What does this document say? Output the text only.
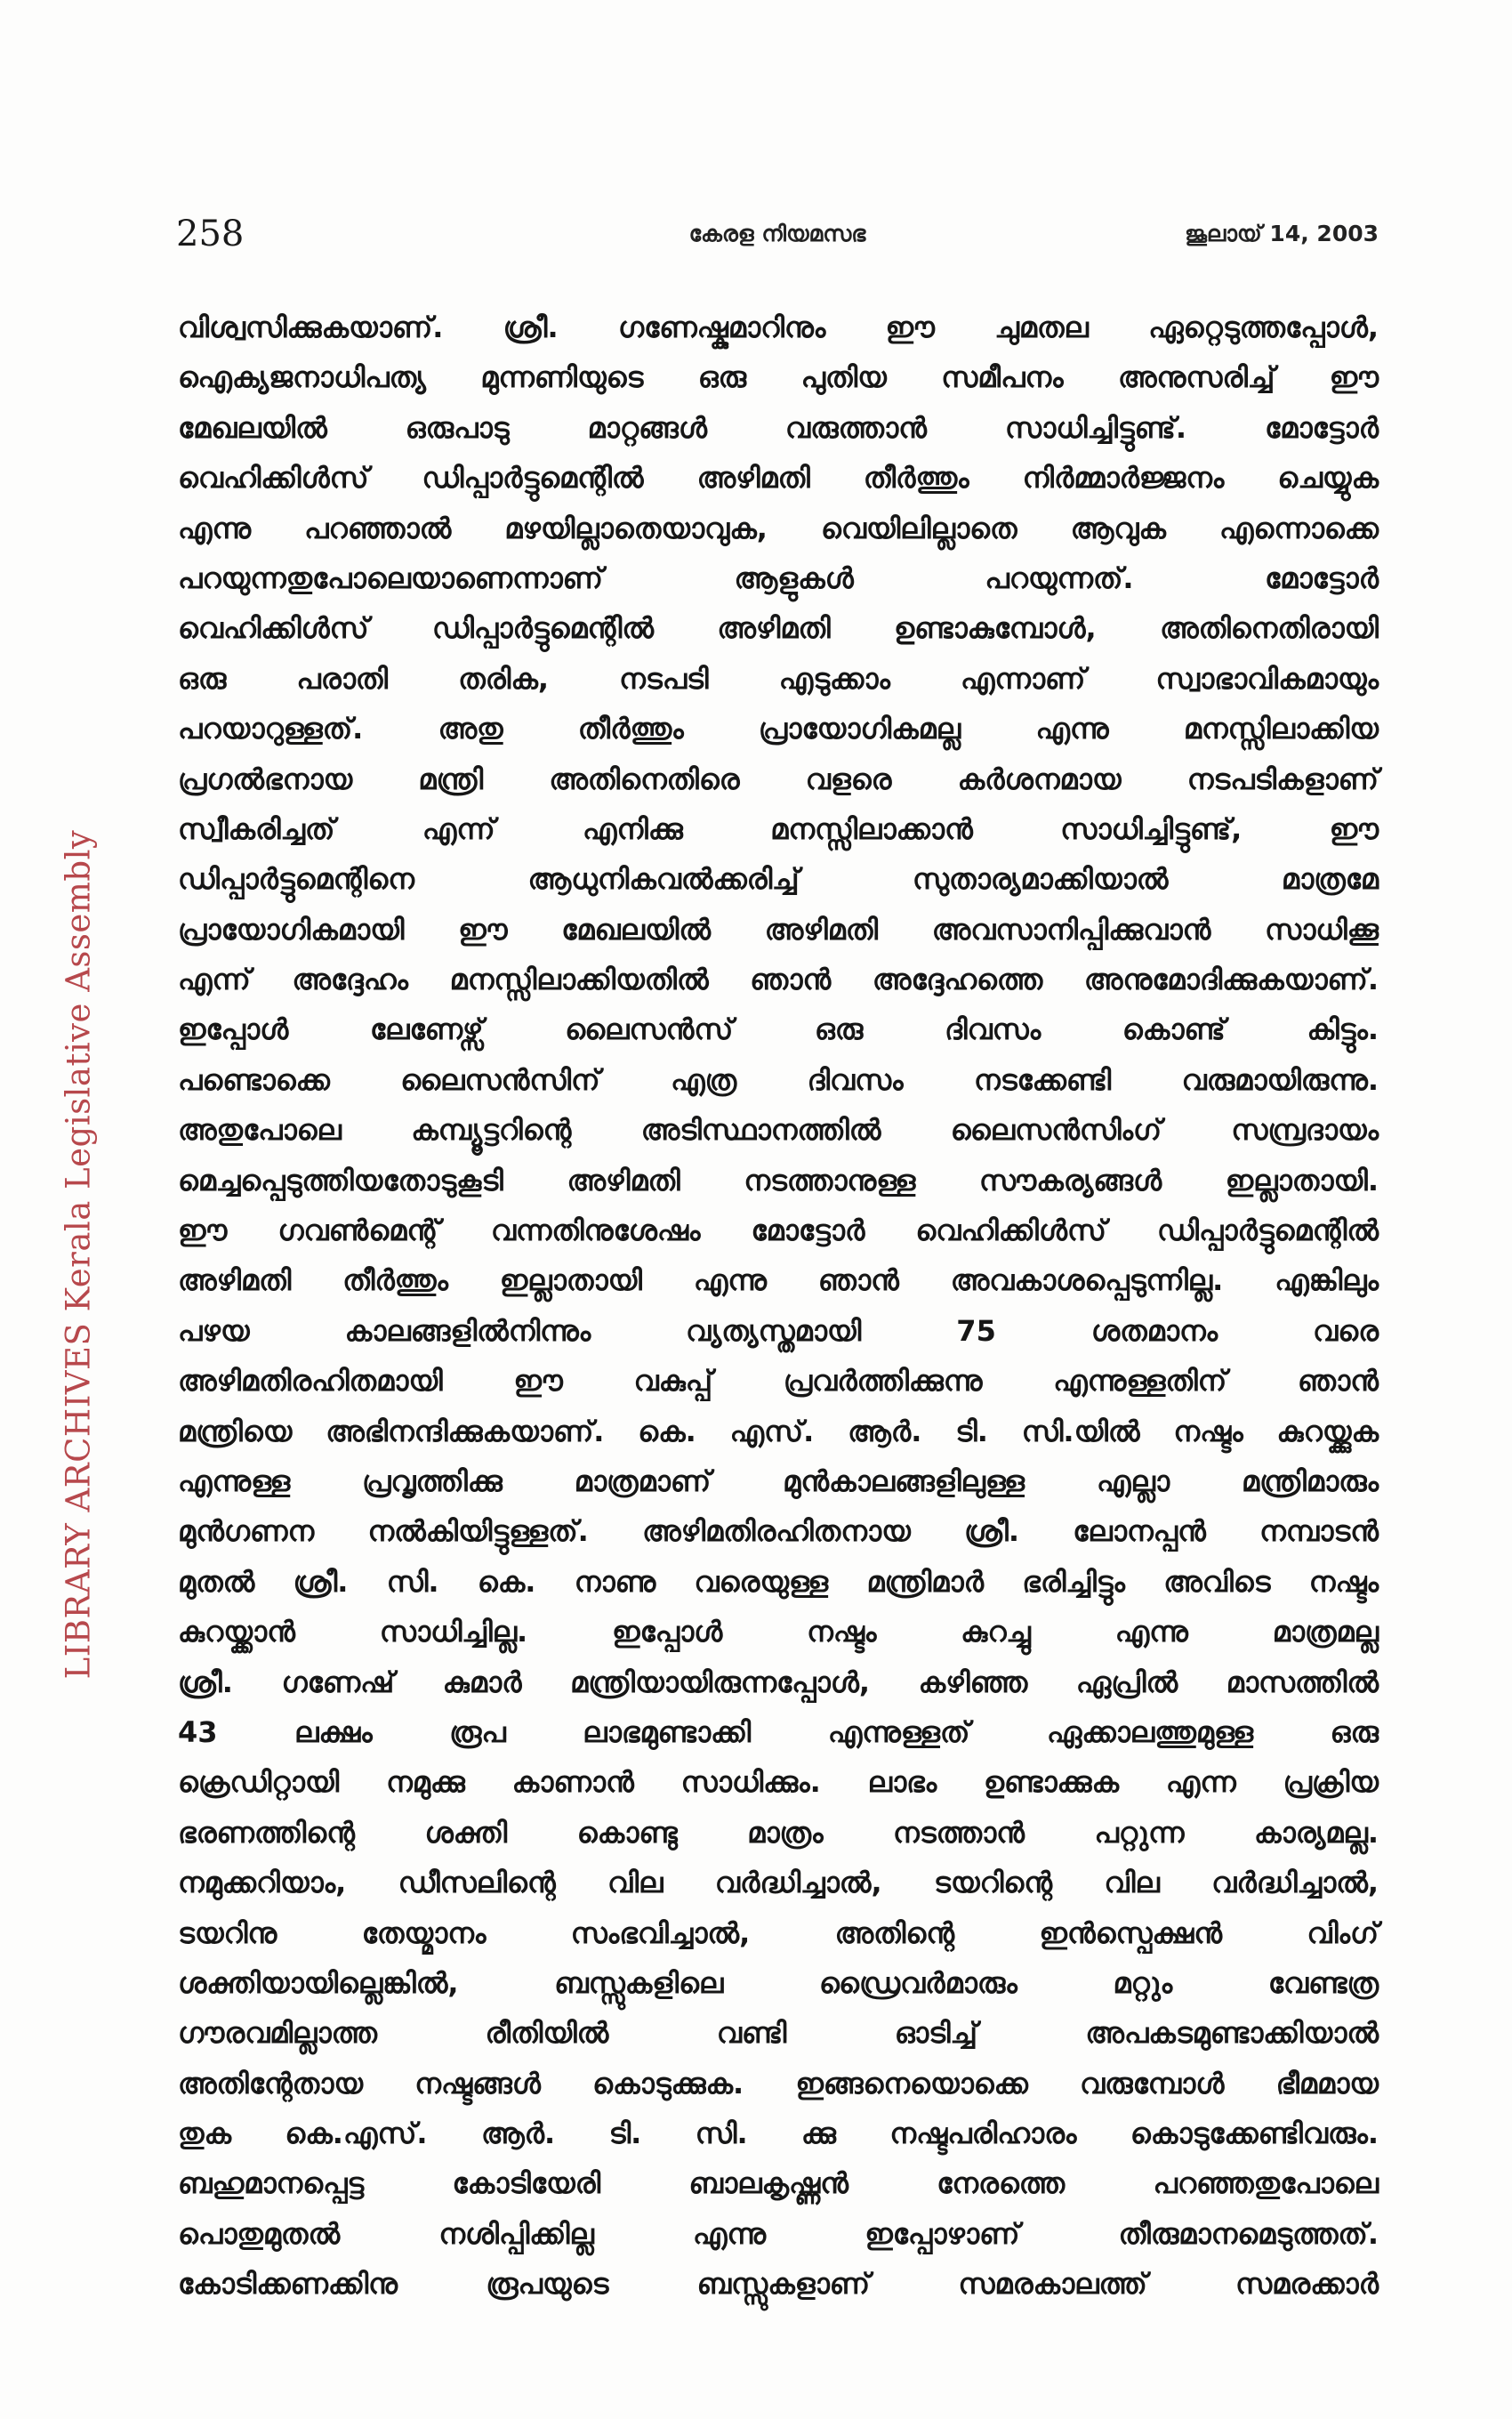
LIBRARY ARCHIVES Kerala Legislative Assembly
258	കേരള നിയമസഭ	ജൂലായ് 14, 2003
വിശ്വസിക്കുകയാണ്. ശ്രീ. ഗണേഷ്കുമാറിനും ഈ ചുമതല ഏറ്റെടുത്തപ്പോൾ,
ഐക്യജനാധിപത്യ മുന്നണിയുടെ ഒരു പുതിയ സമീപനം അനുസരിച്ച് ഈ
മേഖലയിൽ ഒരുപാടു മാറ്റങ്ങൾ വരുത്താൻ സാധിച്ചിട്ടുണ്ട്. മോട്ടോർ
വെഹിക്കിൾസ് ഡിപ്പാർട്ടുമെന്റിൽ അഴിമതി തീർത്തും നിർമ്മാർജ്ജനം ചെയ്യുക
എന്നു പറഞ്ഞാൽ മഴയില്ലാതെയാവുക, വെയിലില്ലാതെ ആവുക എന്നൊക്കെ
പറയുന്നതുപോലെയാണെന്നാണ് ആളുകൾ പറയുന്നത്. മോട്ടോർ
വെഹിക്കിൾസ് ഡിപ്പാർട്ടുമെന്റിൽ അഴിമതി ഉണ്ടാകുമ്പോൾ, അതിനെതിരായി
ഒരു പരാതി തരിക, നടപടി എടുക്കാം എന്നാണ് സ്വാഭാവികമായും
പറയാറുള്ളത്. അതു തീർത്തും പ്രായോഗികമല്ല എന്നു മനസ്സിലാക്കിയ
പ്രഗൽഭനായ മന്ത്രി അതിനെതിരെ വളരെ കർശനമായ നടപടികളാണ്
സ്വീകരിച്ചത് എന്ന് എനിക്കു മനസ്സിലാക്കാൻ സാധിച്ചിട്ടുണ്ട്, ഈ
ഡിപ്പാർട്ടുമെന്റിനെ ആധുനികവൽക്കരിച്ച് സുതാര്യമാക്കിയാൽ മാത്രമേ
പ്രായോഗികമായി ഈ മേഖലയിൽ അഴിമതി അവസാനിപ്പിക്കുവാൻ സാധിക്കൂ
എന്ന് അദ്ദേഹം മനസ്സിലാക്കിയതിൽ ഞാൻ അദ്ദേഹത്തെ അനുമോദിക്കുകയാണ്.
ഇപ്പോൾ ലേണേഴ്സ് ലൈസൻസ് ഒരു ദിവസം കൊണ്ട് കിട്ടും.
പണ്ടൊക്കെ ലൈസൻസിന് എത്ര ദിവസം നടക്കേണ്ടി വരുമായിരുന്നു.
അതുപോലെ കമ്പ്യൂട്ടറിന്റെ അടിസ്ഥാനത്തിൽ ലൈസൻസിംഗ് സമ്പ്രദായം
മെച്ചപ്പെടുത്തിയതോടുകൂടി അഴിമതി നടത്താനുള്ള സൗകര്യങ്ങൾ ഇല്ലാതായി.
ഈ ഗവൺമെന്റ് വന്നതിനുശേഷം മോട്ടോർ വെഹിക്കിൾസ് ഡിപ്പാർട്ടുമെന്റിൽ
അഴിമതി തീർത്തും ഇല്ലാതായി എന്നു ഞാൻ അവകാശപ്പെടുന്നില്ല. എങ്കിലും
പഴയ കാലങ്ങളിൽനിന്നും വ്യത്യസ്തമായി 75 ശതമാനം വരെ
അഴിമതിരഹിതമായി ഈ വകുപ്പ് പ്രവർത്തിക്കുന്നു എന്നുള്ളതിന് ഞാൻ
മന്ത്രിയെ അഭിനന്ദിക്കുകയാണ്. കെ. എസ്. ആർ. ടി. സി.യിൽ നഷ്ടം കുറയ്ക്കുക
എന്നുള്ള പ്രവൃത്തിക്കു മാത്രമാണ് മുൻകാലങ്ങളിലുള്ള എല്ലാ മന്ത്രിമാരും
മുൻഗണന നൽകിയിട്ടുള്ളത്. അഴിമതിരഹിതനായ ശ്രീ. ലോനപ്പൻ നമ്പാടൻ
മുതൽ ശ്രീ. സി. കെ. നാണു വരെയുള്ള മന്ത്രിമാർ ഭരിച്ചിട്ടും അവിടെ നഷ്ടം
കുറയ്ക്കാൻ സാധിച്ചില്ല. ഇപ്പോൾ നഷ്ടം കുറച്ചു എന്നു മാത്രമല്ല
ശ്രീ. ഗണേഷ് കുമാർ മന്ത്രിയായിരുന്നപ്പോൾ, കഴിഞ്ഞ ഏപ്രിൽ മാസത്തിൽ
43 ലക്ഷം രൂപ ലാഭമുണ്ടാക്കി എന്നുള്ളത് ഏക്കാലത്തുമുള്ള ഒരു
ക്രെഡിറ്റായി നമുക്കു കാണാൻ സാധിക്കും. ലാഭം ഉണ്ടാക്കുക എന്ന പ്രക്രിയ
ഭരണത്തിന്റെ ശക്തി കൊണ്ടു മാത്രം നടത്താൻ പറ്റുന്ന കാര്യമല്ല.
നമുക്കറിയാം, ഡീസലിന്റെ വില വർദ്ധിച്ചാൽ, ടയറിന്റെ വില വർദ്ധിച്ചാൽ,
ടയറിനു തേയ്മാനം സംഭവിച്ചാൽ, അതിന്റെ ഇൻസ്പെക്ഷൻ വിംഗ്
ശക്തിയായില്ലെങ്കിൽ, ബസ്സുകളിലെ ഡ്രൈവർമാരും മറ്റും വേണ്ടത്ര
ഗൗരവമില്ലാത്ത രീതിയിൽ വണ്ടി ഓടിച്ച് അപകടമുണ്ടാക്കിയാൽ
അതിന്റേതായ നഷ്ടങ്ങൾ കൊടുക്കുക. ഇങ്ങനെയൊക്കെ വരുമ്പോൾ ഭീമമായ
തുക കെ.എസ്. ആർ. ടി. സി. ക്കു നഷ്ടപരിഹാരം കൊടുക്കേണ്ടിവരും.
ബഹുമാനപ്പെട്ട കോടിയേരി ബാലകൃഷ്ണൻ നേരത്തെ പറഞ്ഞതുപോലെ
പൊതുമുതൽ നശിപ്പിക്കില്ല എന്നു ഇപ്പോഴാണ് തീരുമാനമെടുത്തത്.
കോടിക്കണക്കിനു രൂപയുടെ ബസ്സുകളാണ് സമരകാലത്ത് സമരക്കാർ
